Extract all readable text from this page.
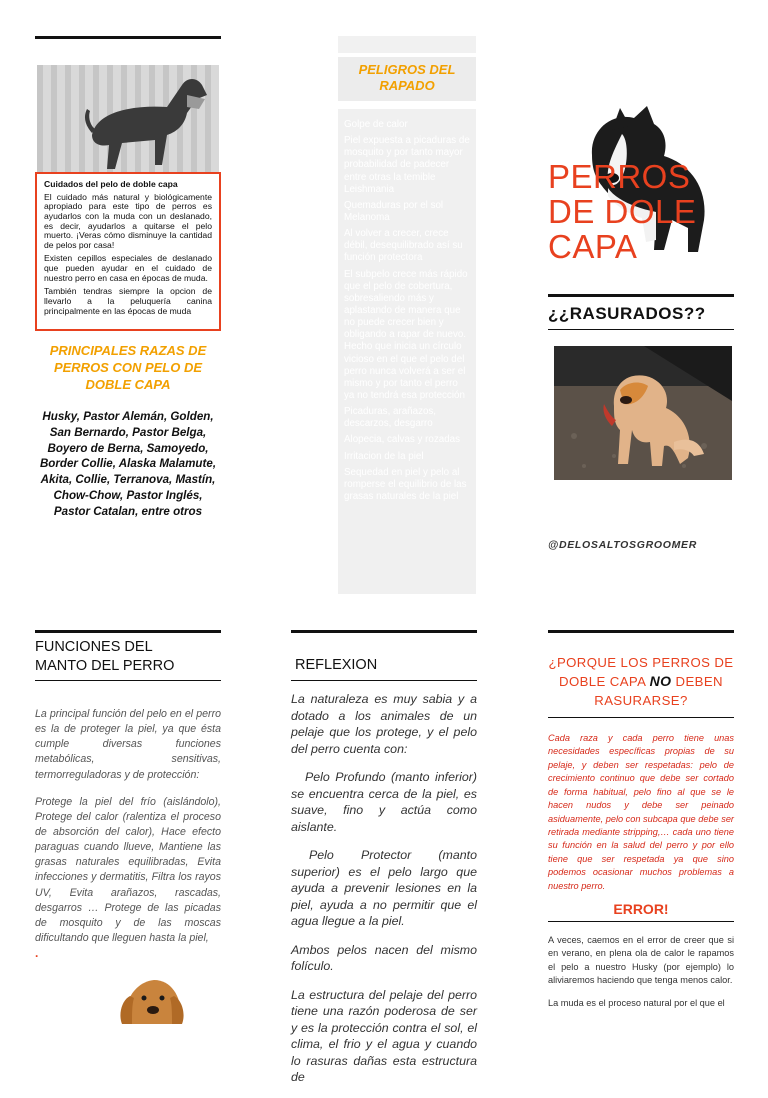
Cuidados del pelo de doble capa

El cuidado más natural y biológicamente apropiado para este tipo de perros es ayudarlos con la muda con un deslanado, es decir, ayudarlos a quitarse el pelo muerto. ¡Veras cómo disminuye la cantidad de pelos por casa!

Existen cepillos especiales de deslanado que pueden ayudar en el cuidado de nuestro perro en casa en épocas de muda.

También tendras siempre la opcion de llevarlo a la peluquería canina principalmente en las épocas de muda

PRINCIPALES RAZAS DE PERROS CON PELO DE DOBLE CAPA
Husky, Pastor Alemán, Golden, San Bernardo, Pastor Belga, Boyero de Berna, Samoyedo, Border Collie, Alaska Malamute, Akita, Collie, Terranova, Mastín, Chow-Chow, Pastor Inglés, Pastor Catalan, entre otros
PELIGROS DEL RAPADO

Golpe de calor

Piel expuesta a picaduras de mosquito y por tanto mayor probabilidad de padecer entre otras la temible Leishmania

Quemaduras por el sol Melanoma

Al volver a crecer, crece débil, desequilibrado así su función protectora

El subpelo crece más rápido que el pelo de cobertura, sobresaliendo más y aplastando de manera que no puede crecer bien y obligando a rapar de nuevo. Hecho que inicia un círculo vicioso en el que el pelo del perro nunca volverá a ser el mismo y por tanto el perro ya no tendrá esa protección

Picaduras, arañazos, descarzos, desgarro

Alopecia, calvas y rozadas

Irritacion de la piel

Sequedad en piel y pelo al romperse el equilibrio de las grasas naturales de la piel

PERROS
DE DOLE
CAPA
¿¿RASURADOS??
@DELOSALTOSGROOMER
FUNCIONES DEL
MANTO DEL PERRO

La principal función del pelo en el perro es la de proteger la piel, ya que ésta cumple diversas funciones metabólicas, sensitivas, termorreguladoras y de protección:

Protege la piel del frío (aislándolo), Protege del calor (ralentiza el proceso de absorción del calor), Hace efecto paraguas cuando llueve, Mantiene las grasas naturales equilibradas, Evita infecciones y dermatitis, Filtra los rayos UV, Evita arañazos, rascadas, desgarros … Protege de las picadas de mosquito y de las moscas dificultando que lleguen hasta la piel,

.
REFLEXION

La naturaleza es muy sabia y a dotado a los animales de un pelaje que los protege, y el pelo del perro cuenta con:

Pelo Profundo (manto inferior) se encuentra cerca de la piel, es suave, fino y actúa como aislante.

Pelo Protector (manto superior) es el pelo largo que ayuda a prevenir lesiones en la piel, ayuda a no permitir que el agua llegue a la piel.

Ambos pelos nacen del mismo folículo.

La estructura del pelaje del perro tiene una razón poderosa de ser y es la protección contra el sol, el clima, el frio y el agua y cuando lo rasuras dañas esta estructura de

¿PORQUE LOS PERROS DE DOBLE CAPA NO DEBEN RASURARSE?
Cada raza y cada perro tiene unas necesidades específicas propias de su pelaje, y deben ser respetadas: pelo de crecimiento continuo que debe ser cortado de forma habitual, pelo fino al que se le hacen nudos y debe ser peinado asiduamente, pelo con subcapa que debe ser retirada mediante stripping,… cada uno tiene su función en la salud del perro y por ello tiene que ser respetada ya que sino podemos ocasionar muchos problemas a nuestro perro.
ERROR!

A veces, caemos en el error de creer que si en verano, en plena ola de calor le rapamos el pelo a nuestro Husky (por ejemplo) lo aliviaremos haciendo que tenga menos calor.

La muda es el proceso natural por el que el
